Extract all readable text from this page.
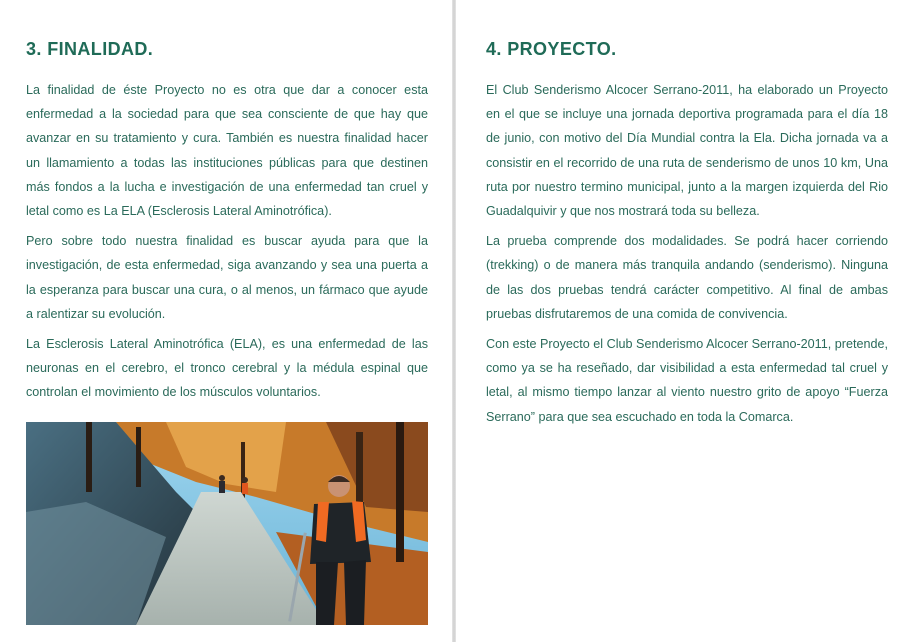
3. FINALIDAD.

La finalidad de éste Proyecto no es otra que dar a conocer esta enfermedad a la sociedad para que sea consciente de que hay que avanzar en su tratamiento y cura. También es nuestra finalidad hacer un llamamiento a todas las instituciones públicas para que destinen más fondos a la lucha e investigación de una enfermedad tan cruel y letal como es La ELA (Esclerosis Lateral Aminotrófica).

Pero sobre todo nuestra finalidad es buscar ayuda para que la investigación, de esta enfermedad, siga avanzando y sea una puerta a la esperanza para buscar una cura, o al menos, un fármaco que ayude a ralentizar su evolución.

La Esclerosis Lateral Aminotrófica (ELA), es una enfermedad de las neuronas en el cerebro, el tronco cerebral y la médula espinal que controlan el movimiento de los músculos voluntarios.

4. PROYECTO.

El Club Senderismo Alcocer Serrano-2011, ha elaborado un Proyecto en el que se incluye una jornada deportiva programada para el día 18 de junio, con motivo del Día Mundial contra la Ela. Dicha jornada va a consistir en el recorrido de una ruta de senderismo de unos 10 km, Una ruta por nuestro termino municipal, junto a la margen izquierda del Rio Guadalquivir y que nos mostrará toda su belleza.

La prueba comprende dos modalidades. Se podrá hacer corriendo (trekking) o de manera más tranquila andando (senderismo). Ninguna de las dos pruebas tendrá carácter competitivo. Al final de ambas pruebas disfrutaremos de una comida de convivencia.

Con este Proyecto el Club Senderismo Alcocer Serrano-2011, pretende, como ya se ha reseñado, dar visibilidad a esta enfermedad tal cruel y letal, al mismo tiempo lanzar al viento nuestro grito de apoyo “Fuerza Serrano” para que sea escuchado en toda la Comarca.
